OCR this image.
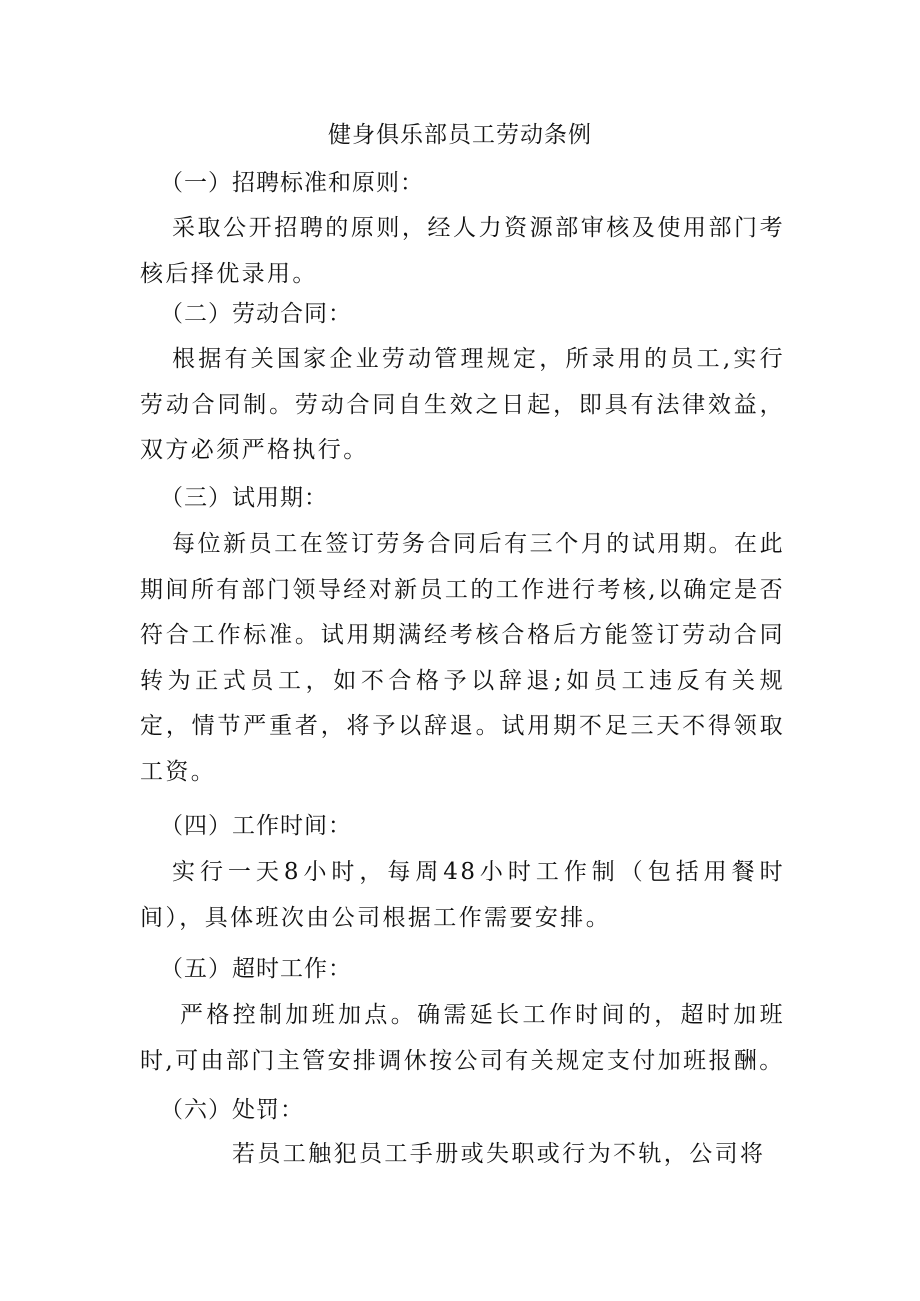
健身俱乐部员工劳动条例
（一）招聘标准和原则：

采取公开招聘的原则，经人力资源部审核及使用部门考核后择优录用。

（二）劳动合同：

根据有关国家企业劳动管理规定，所录用的员工,实行劳动合同制。劳动合同自生效之日起，即具有法律效益，双方必须严格执行。

（三）试用期：

每位新员工在签订劳务合同后有三个月的试用期。在此期间所有部门领导经对新员工的工作进行考核,以确定是否符合工作标准。试用期满经考核合格后方能签订劳动合同转为正式员工，如不合格予以辞退;如员工违反有关规定，情节严重者，将予以辞退。试用期不足三天不得领取工资。

（四）工作时间：

实行一天8小时，每周48小时工作制（包括用餐时间），具体班次由公司根据工作需要安排。

（五）超时工作：

严格控制加班加点。确需延长工作时间的，超时加班时,可由部门主管安排调休按公司有关规定支付加班报酬。

（六）处罚：

若员工触犯员工手册或失职或行为不轨，公司将
